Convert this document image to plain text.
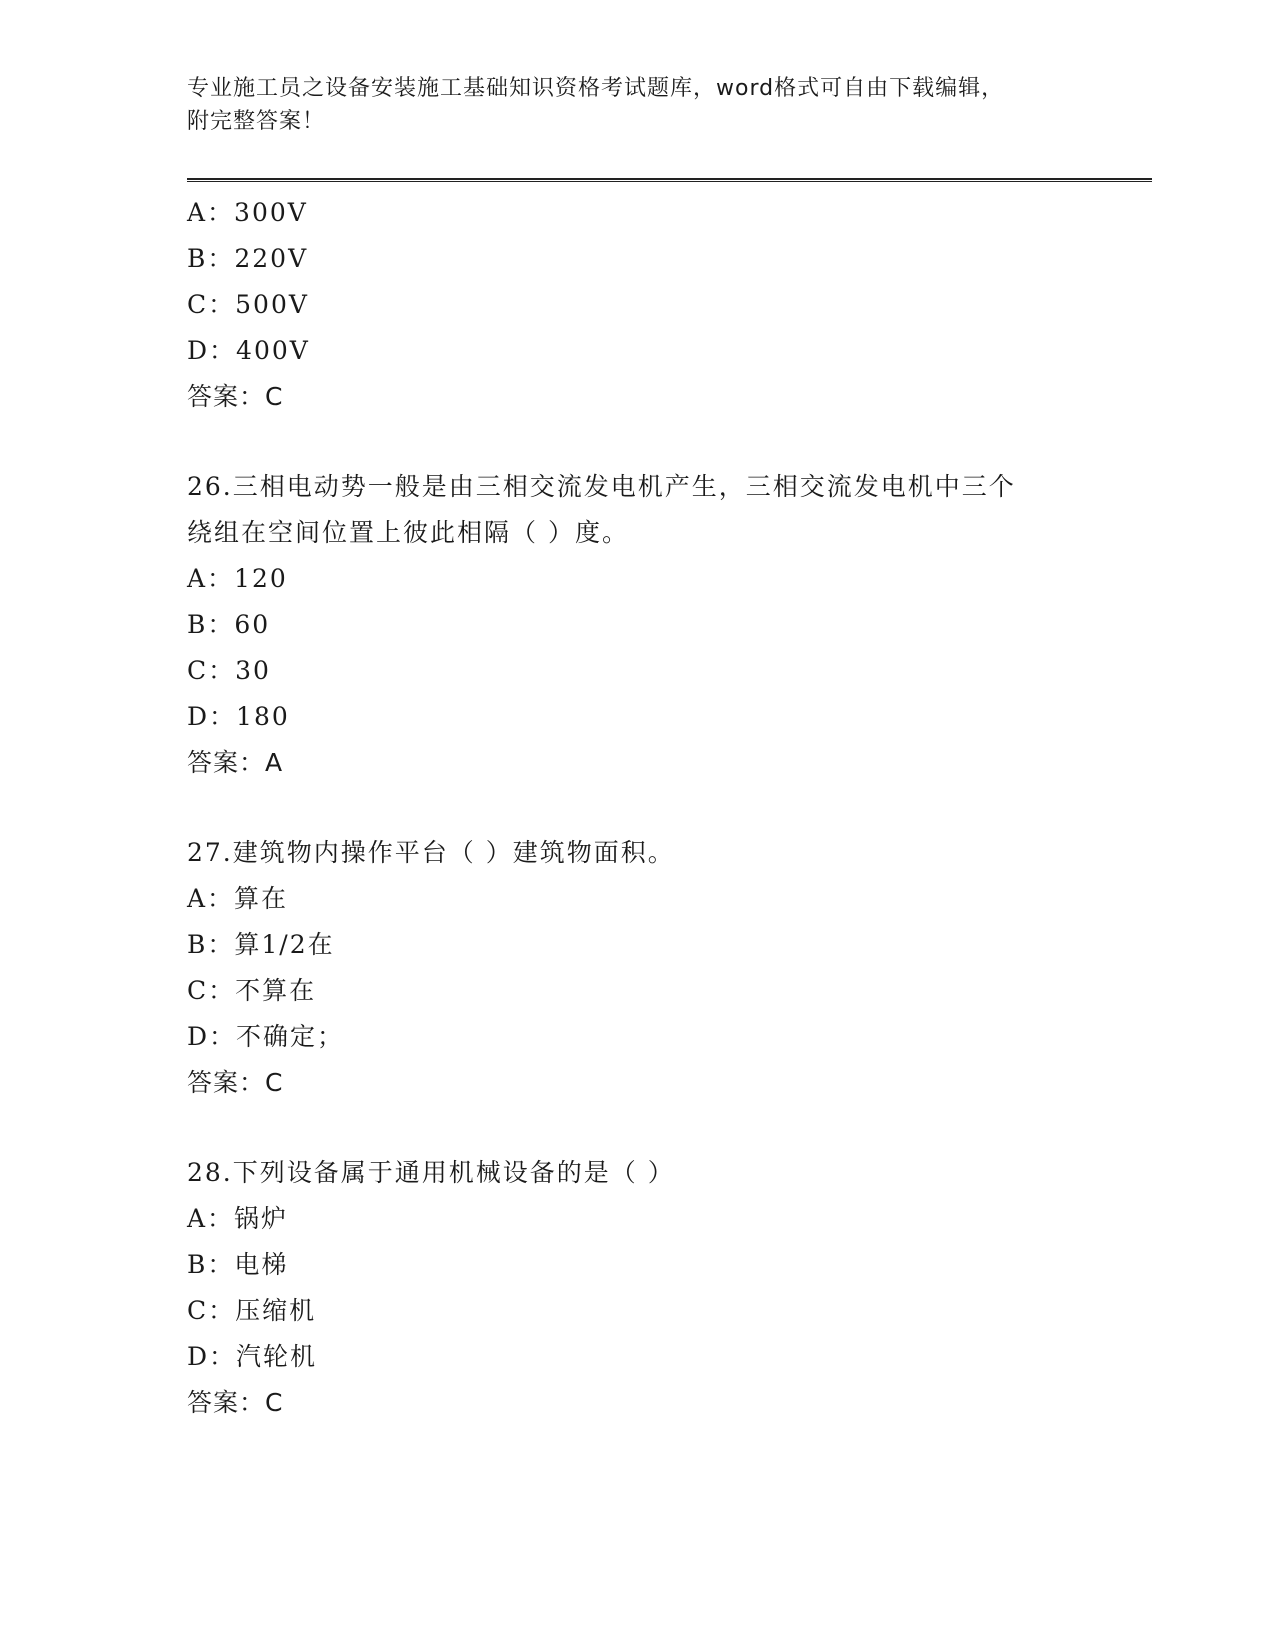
专业施工员之设备安装施工基础知识资格考试题库，word格式可自由下载编辑，
附完整答案！
A：300V
B：220V
C：500V
D：400V
答案：C
26.三相电动势一般是由三相交流发电机产生，三相交流发电机中三个
绕组在空间位置上彼此相隔（ ）度。
A：120
B：60
C：30
D：180
答案：A
27.建筑物内操作平台（ ）建筑物面积。
A：算在
B：算1/2在
C：不算在
D：不确定；
答案：C
28.下列设备属于通用机械设备的是（ ）
A：锅炉
B：电梯
C：压缩机
D：汽轮机
答案：C
